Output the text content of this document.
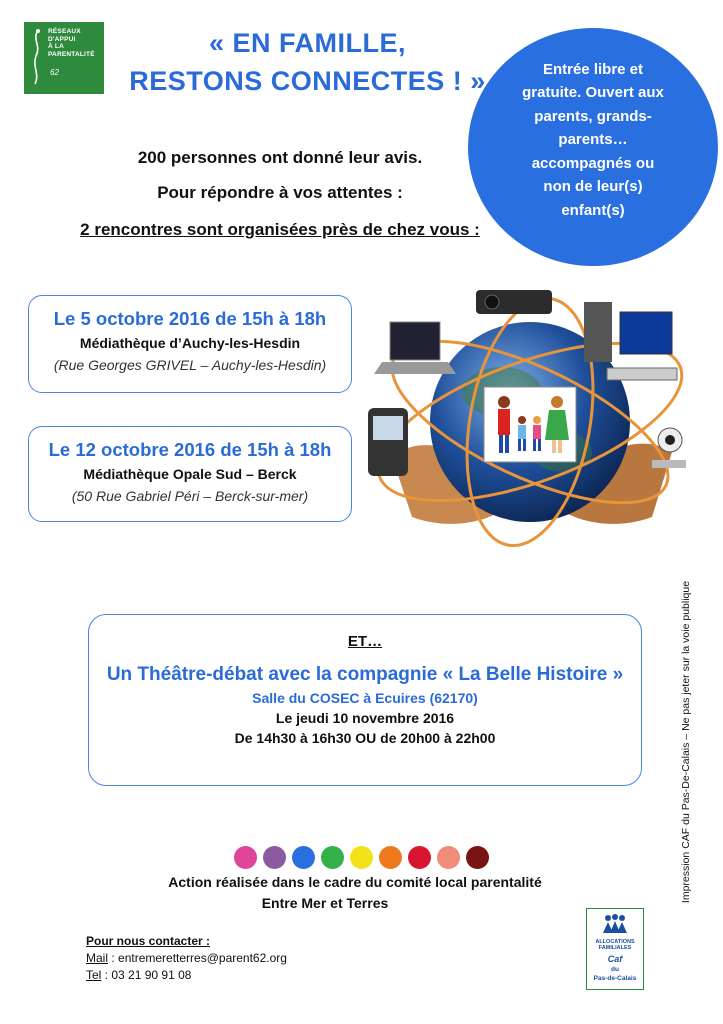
RÉSEAUX
D'APPUI
À LA
PARENTALITÉ
62
« EN FAMILLE,
RESTONS CONNECTES ! »	Entrée libre et gratuite. Ouvert aux parents, grands-parents… accompagnés ou non de leur(s) enfant(s)
200 personnes ont donné leur avis.
Pour répondre à vos attentes :
2 rencontres sont organisées près de chez vous :
Le 5 octobre 2016 de 15h à 18h
Médiathèque d’Auchy-les-Hesdin
(Rue Georges GRIVEL – Auchy-les-Hesdin)
Le 12 octobre 2016 de 15h à 18h
Médiathèque Opale Sud – Berck
(50 Rue Gabriel Péri – Berck-sur-mer)
ET…
Un Théâtre-débat avec la compagnie « La Belle Histoire »
Salle du COSEC à Ecuires (62170)
Le jeudi 10 novembre 2016
De 14h30 à 16h30 OU de 20h00 à 22h00
Action réalisée dans le cadre du comité local parentalité
Entre Mer et Terres
Pour nous contacter :
Mail : entremeretterres@parent62.org
Tel : 03 21 90 91 08
ALLOCATIONS
FAMILIALES
Caf
du
Pas-de-Calais
Impression CAF du Pas-De-Calais – Ne pas jeter sur la voie publique
